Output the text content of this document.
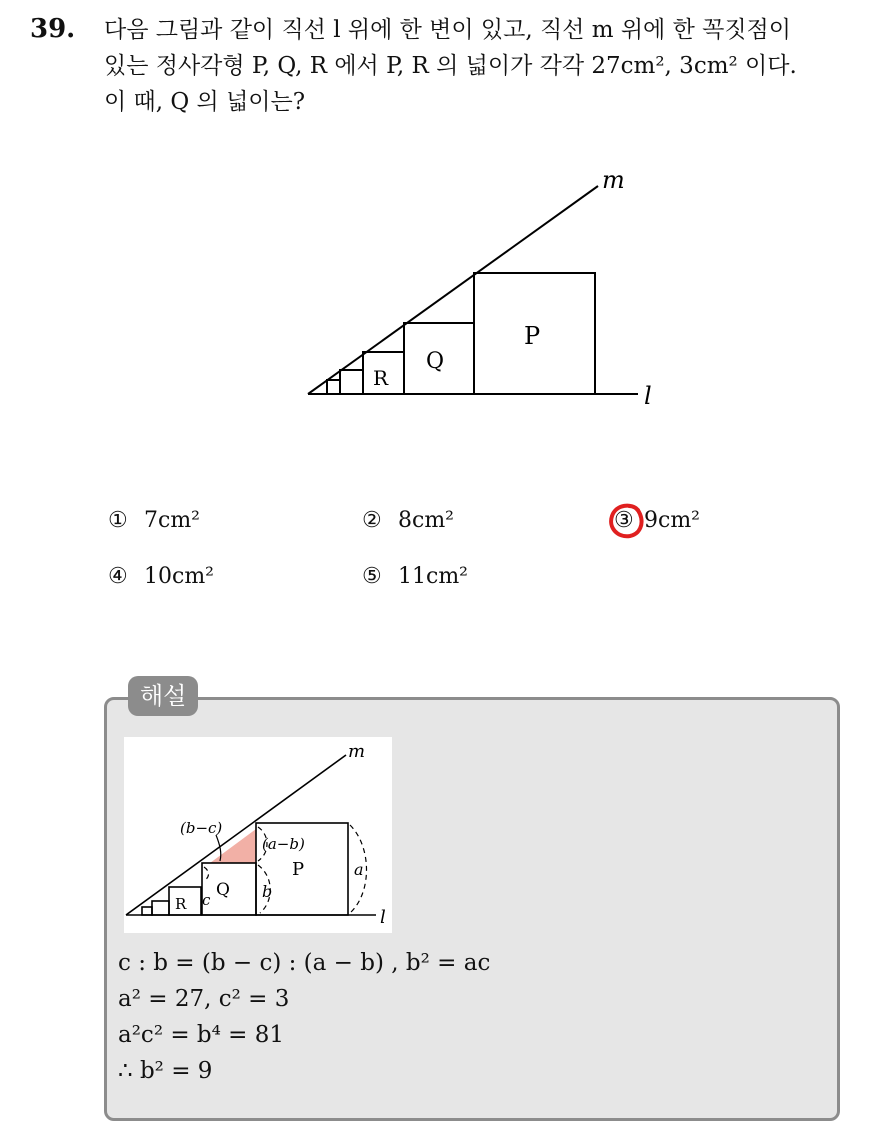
39. 다음 그림과 같이 직선 l 위에 한 변이 있고, 직선 m 위에 한 꼭짓점이

있는 정사각형 P, Q, R 에서 P, R 의 넓이가 각각 27cm², 3cm² 이다.

이 때, Q 의 넓이는?

m
l
P
Q
R
① 7cm²	② 8cm²	③ 9cm²
④ 10cm²	⑤ 11cm²
해설
m
l
(b−c)
(a−b)
a
b
c
P
Q
R
c : b = (b − c) : (a − b) , b² = ac
a² = 27, c² = 3
a²c² = b⁴ = 81
∴ b² = 9
